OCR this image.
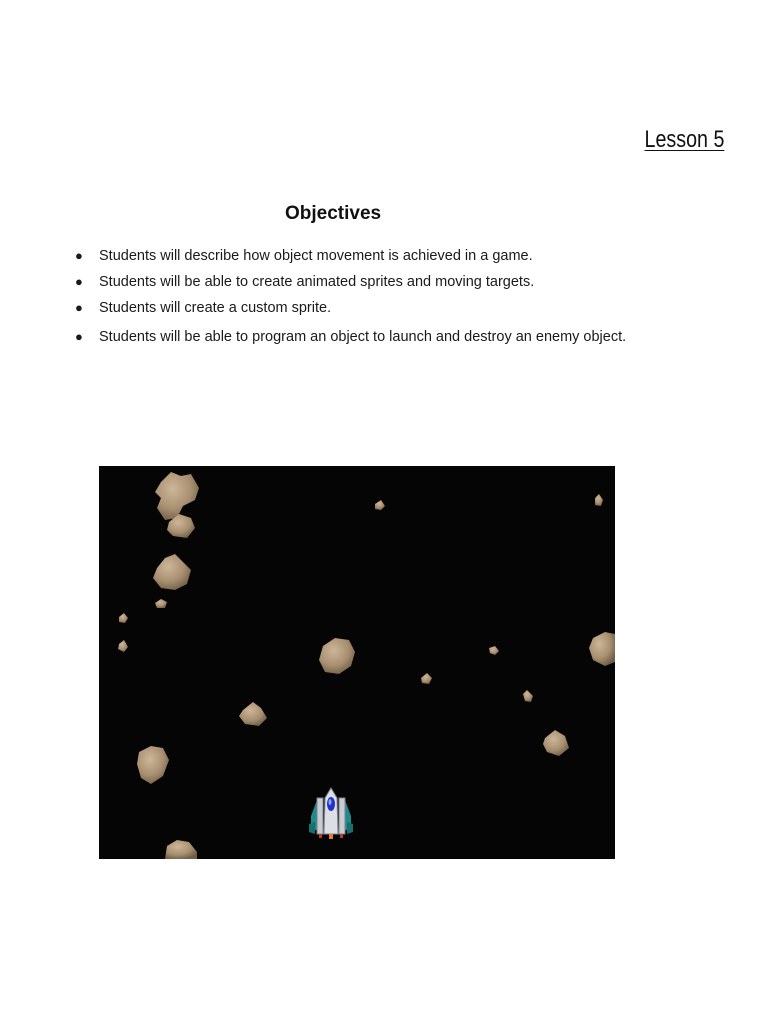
Lesson 5
Objectives
● Students will describe how object movement is achieved in a game.
● Students will be able to create animated sprites and moving targets.
● Students will create a custom sprite.
● Students will be able to program an object to launch and destroy an enemy object.
